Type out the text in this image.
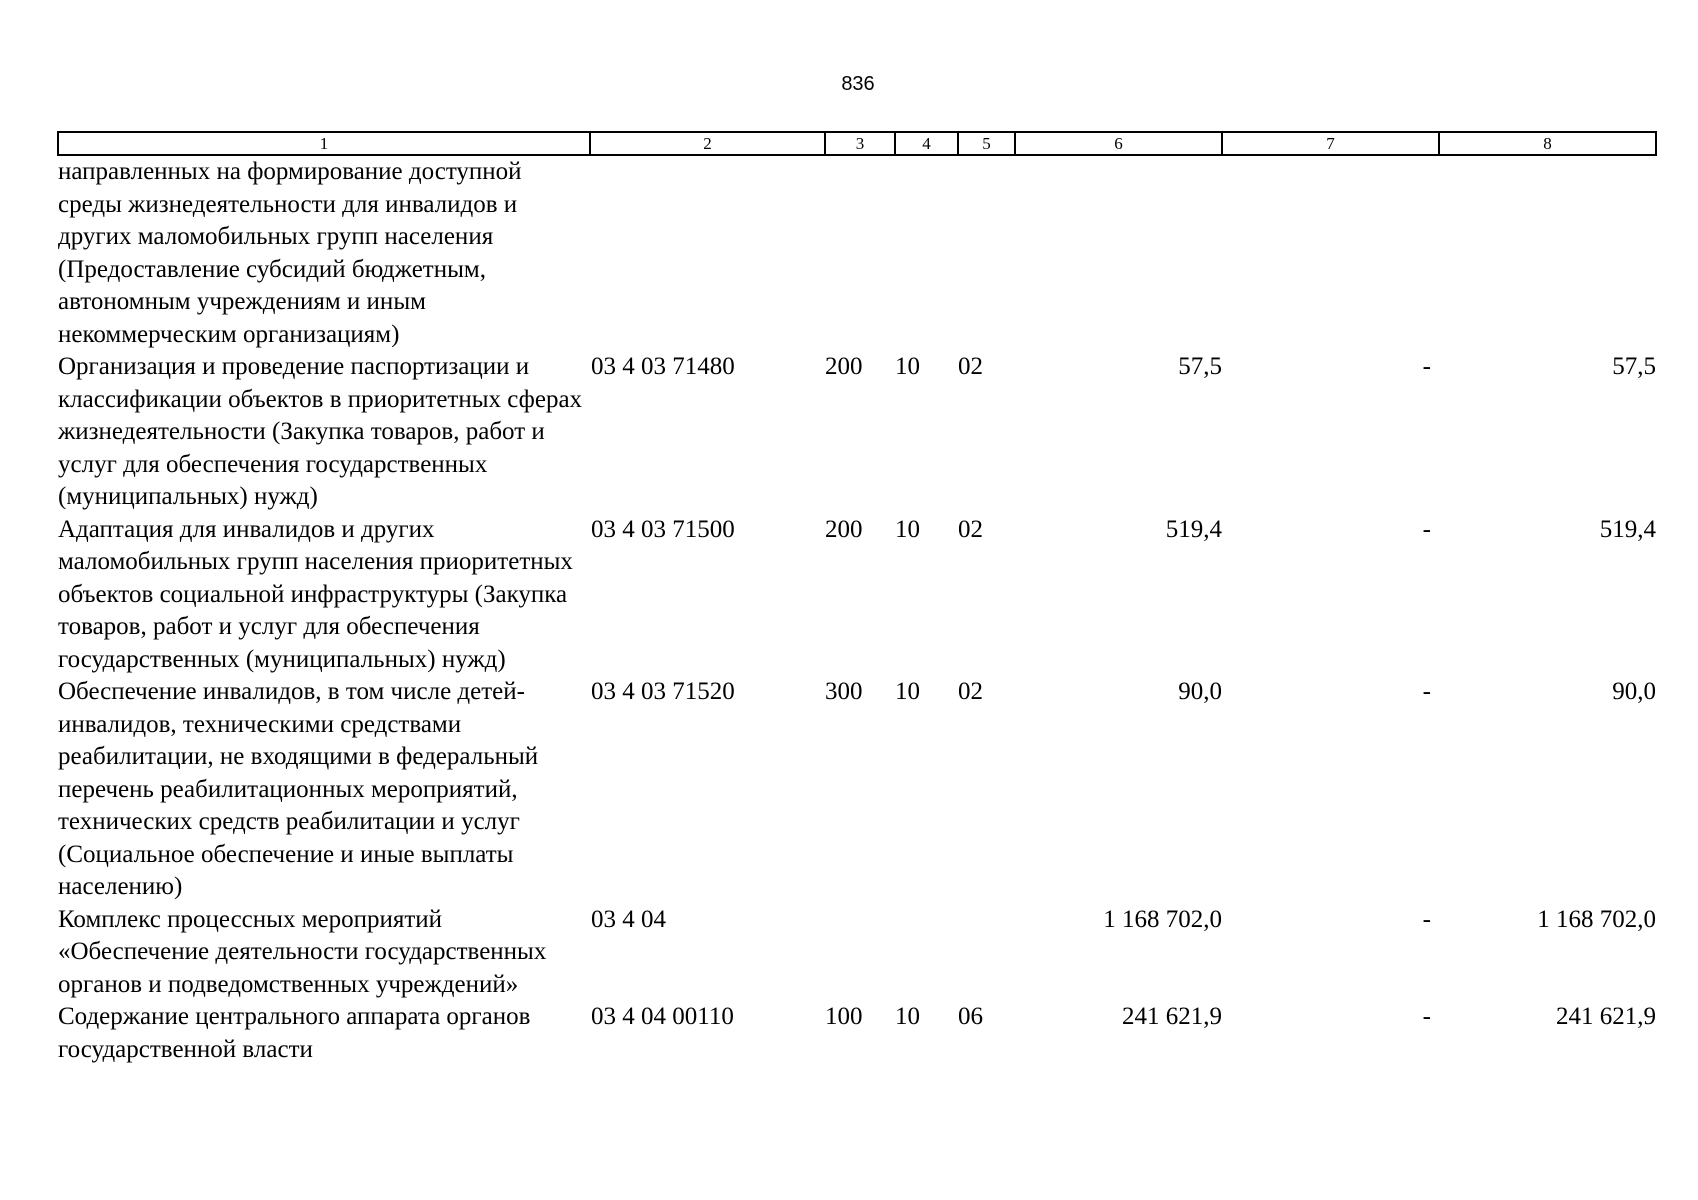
836
1	2	3	4	5	6	7	8
направленных на формирование доступной среды жизнедеятельности для инвалидов и других маломобильных групп населения (Предоставление субсидий бюджетным, автономным учреждениям и иным некоммерческим организациям)							
Организация и проведение паспортизации и классификации объектов в приоритетных сферах жизнедеятельности (Закупка товаров, работ и услуг для обеспечения государственных (муниципальных) нужд)	03 4 03 71480	200	10	02	57,5	-	57,5
Адаптация для инвалидов и других маломобильных групп населения приоритетных объектов социальной инфраструктуры (Закупка товаров, работ и услуг для обеспечения государственных (муниципальных) нужд)	03 4 03 71500	200	10	02	519,4	-	519,4
Обеспечение инвалидов, в том числе детей-инвалидов, техническими средствами реабилитации, не входящими в федеральный перечень реабилитационных мероприятий, технических средств реабилитации и услуг (Социальное обеспечение и иные выплаты населению)	03 4 03 71520	300	10	02	90,0	-	90,0
Комплекс процессных мероприятий «Обеспечение деятельности государственных органов и подведомственных учреждений»	03 4 04				1 168 702,0	-	1 168 702,0
Содержание центрального аппарата органов государственной власти	03 4 04 00110	100	10	06	241 621,9	-	241 621,9
